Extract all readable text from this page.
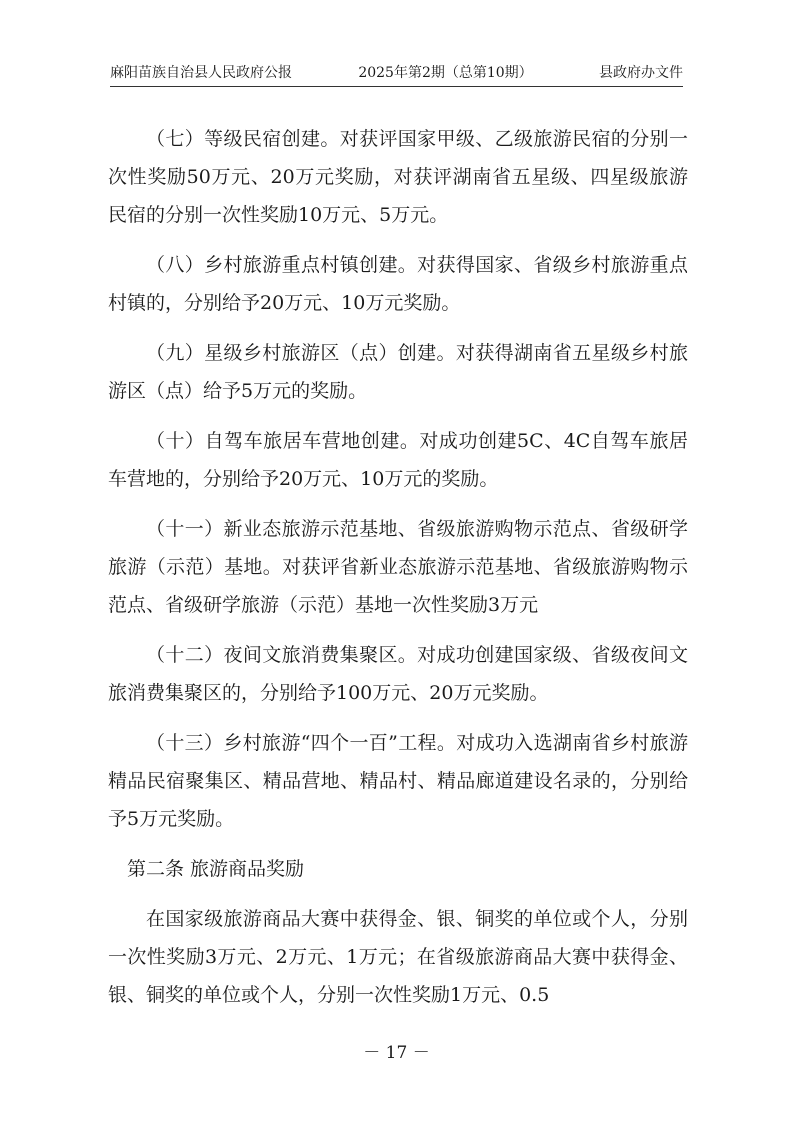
麻阳苗族自治县人民政府公报	2025年第2期（总第10期）	县政府办文件

（七）等级民宿创建。对获评国家甲级、乙级旅游民宿的分别一次性奖励50万元、20万元奖励，对获评湖南省五星级、四星级旅游民宿的分别一次性奖励10万元、5万元。

（八）乡村旅游重点村镇创建。对获得国家、省级乡村旅游重点村镇的，分别给予20万元、10万元奖励。

（九）星级乡村旅游区（点）创建。对获得湖南省五星级乡村旅游区（点）给予5万元的奖励。

（十）自驾车旅居车营地创建。对成功创建5C、4C自驾车旅居车营地的，分别给予20万元、10万元的奖励。

（十一）新业态旅游示范基地、省级旅游购物示范点、省级研学旅游（示范）基地。对获评省新业态旅游示范基地、省级旅游购物示范点、省级研学旅游（示范）基地一次性奖励3万元

（十二）夜间文旅消费集聚区。对成功创建国家级、省级夜间文旅消费集聚区的，分别给予100万元、20万元奖励。

（十三）乡村旅游“四个一百”工程。对成功入选湖南省乡村旅游精品民宿聚集区、精品营地、精品村、精品廊道建设名录的，分别给予5万元奖励。

第二条 旅游商品奖励

在国家级旅游商品大赛中获得金、银、铜奖的单位或个人，分别一次性奖励3万元、2万元、1万元；在省级旅游商品大赛中获得金、银、铜奖的单位或个人，分别一次性奖励1万元、0.5

－ 17 －
